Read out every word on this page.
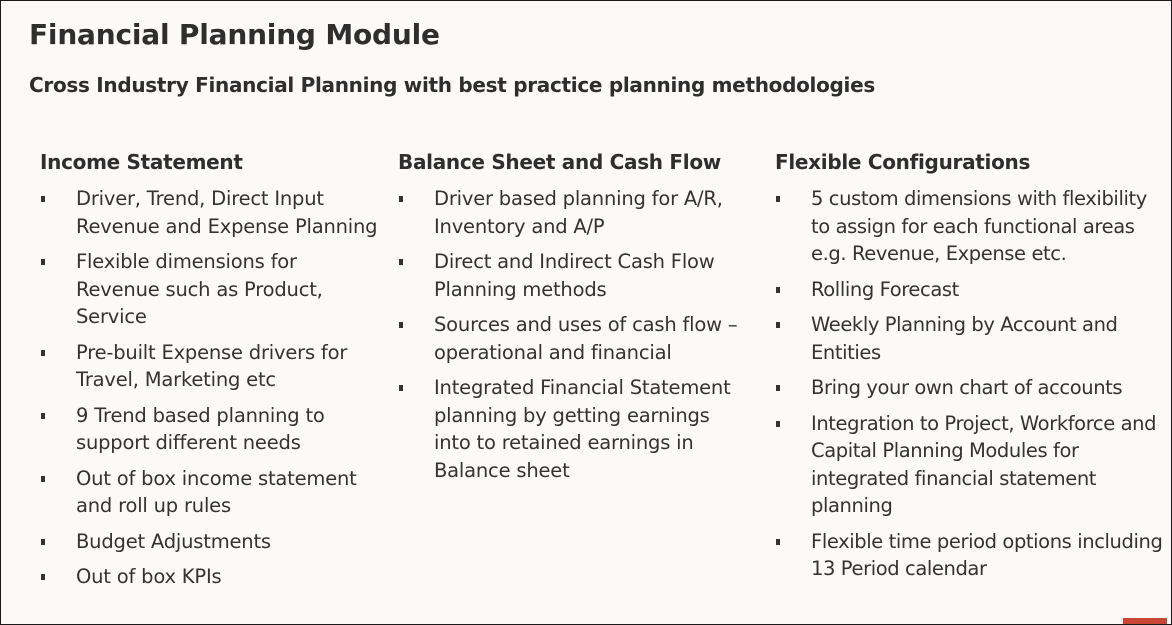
Financial Planning Module
Cross Industry Financial Planning with best practice planning methodologies
Income Statement
Driver, Trend, Direct Input Revenue and Expense Planning
Flexible dimensions for Revenue such as Product, Service
Pre-built Expense drivers for Travel, Marketing etc
9 Trend based planning to support different needs
Out of box income statement and roll up rules
Budget Adjustments
Out of box KPIs
Balance Sheet and Cash Flow
Driver based planning for A/R, Inventory and A/P
Direct and Indirect Cash Flow Planning methods
Sources and uses of cash flow – operational and financial
Integrated Financial Statement planning by getting earnings into to retained earnings in Balance sheet
Flexible Configurations
5 custom dimensions with flexibility to assign for each functional areas e.g. Revenue, Expense etc.
Rolling Forecast
Weekly Planning by Account and Entities
Bring your own chart of accounts
Integration to Project, Workforce and Capital Planning Modules for integrated financial statement planning
Flexible time period options including 13 Period calendar
